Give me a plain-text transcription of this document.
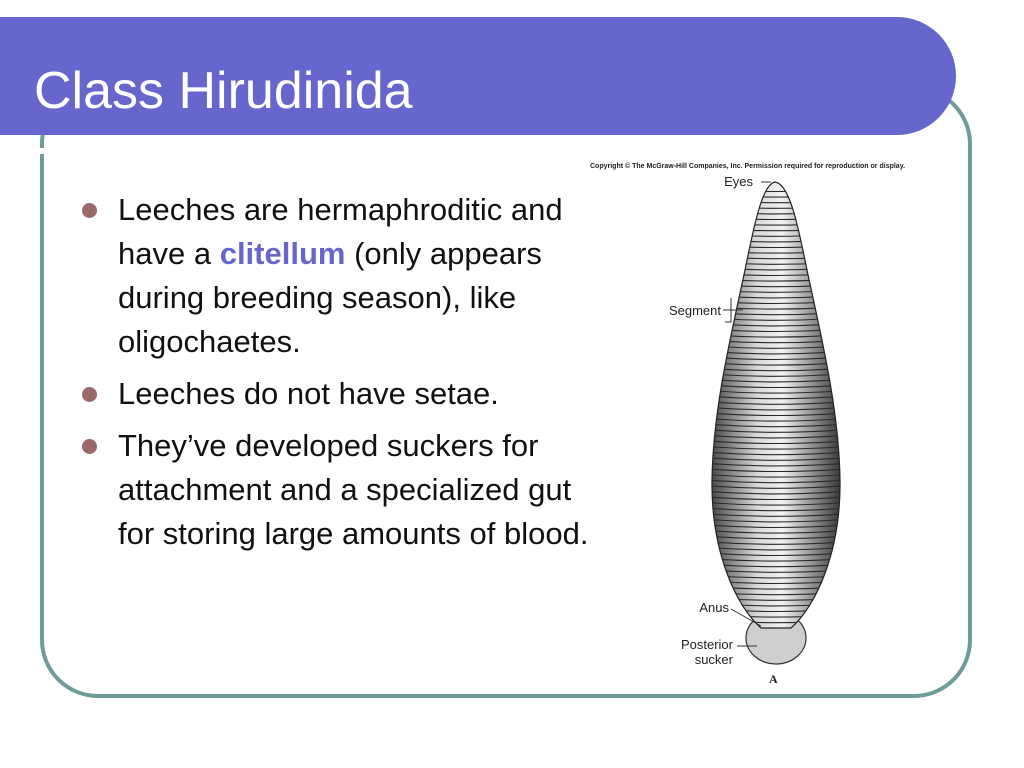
Class Hirudinida
Leeches are hermaphroditic and have a clitellum (only appears during breeding season), like oligochaetes.
Leeches do not have setae.
They’ve developed suckers for attachment and a specialized gut for storing large amounts of blood.
Copyright © The McGraw-Hill Companies, Inc. Permission required for reproduction or display.
Eyes
Segment
Anus
Posterior
sucker
A
